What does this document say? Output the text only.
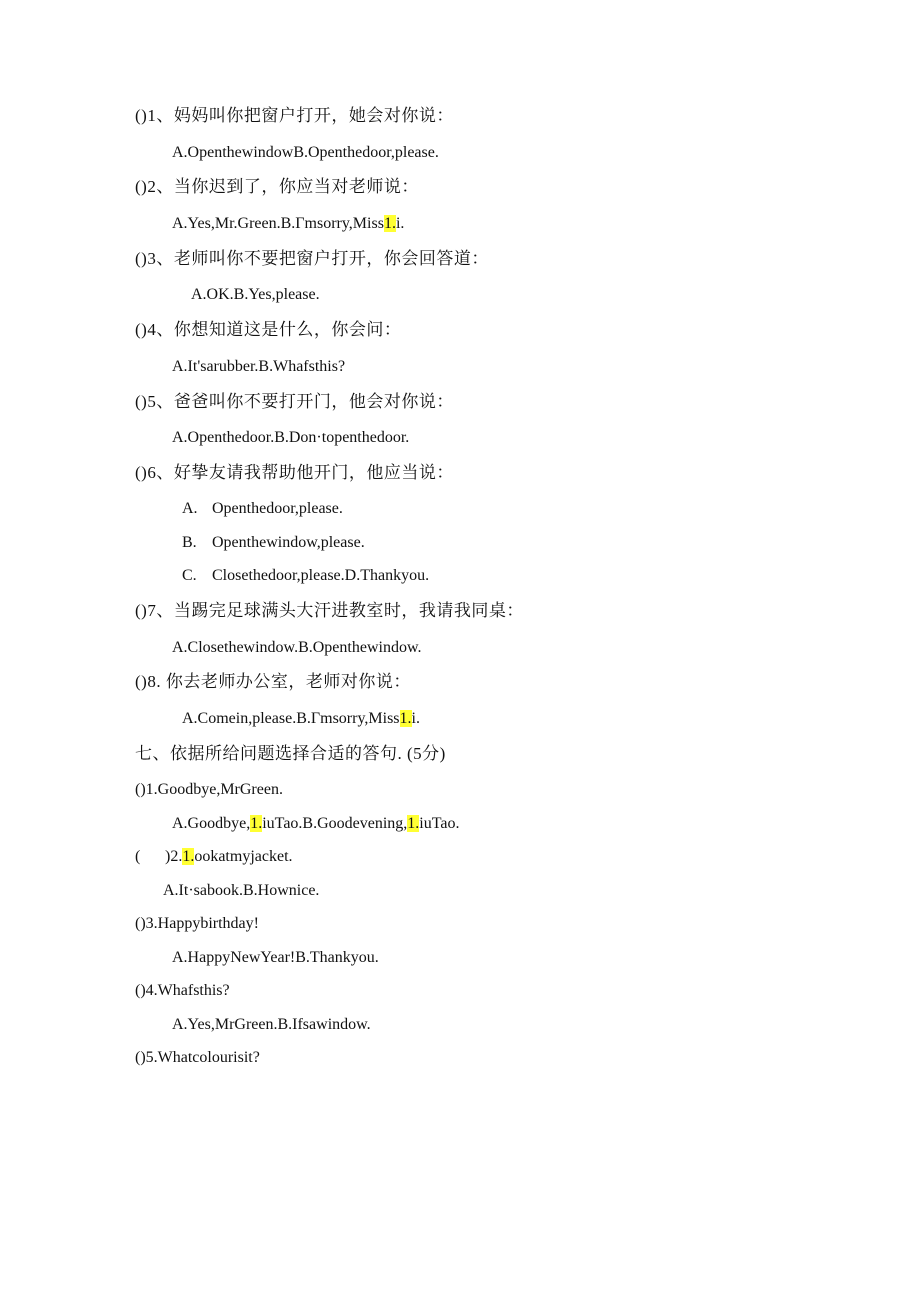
()1、妈妈叫你把窗户打开，她会对你说：
A.OpenthewindowB.Openthedoor,please.
()2、当你迟到了，你应当对老师说：
A.Yes,Mr.Green.B.Γmsorry,Miss1.i.
()3、老师叫你不要把窗户打开，你会回答道：
A.OK.B.Yes,please.
()4、你想知道这是什么，你会问：
A.It'sarubber.B.Whafsthis?
()5、爸爸叫你不要打开门，他会对你说：
A.Openthedoor.B.Don·topenthedoor.
()6、好挚友请我帮助他开门，他应当说：
A. Openthedoor,please.
B. Openthewindow,please.
C. Closethedoor,please.D.Thankyou.
()7、当踢完足球满头大汗进教室时，我请我同桌：
A.Closethewindow.B.Openthewindow.
()8. 你去老师办公室，老师对你说：
A.Comein,please.B.Γmsorry,Miss1.i.
七、依据所给问题选择合适的答句. (5分)
()1.Goodbye,MrGreen.
A.Goodbye,1.iuTao.B.Goodevening,1.iuTao.
( )2.1.ookatmyjacket.
A.It·sabook.B.Hownice.
()3.Happybirthday!
A.HappyNewYear!B.Thankyou.
()4.Whafsthis?
A.Yes,MrGreen.B.Ifsawindow.
()5.Whatcolourisit?
